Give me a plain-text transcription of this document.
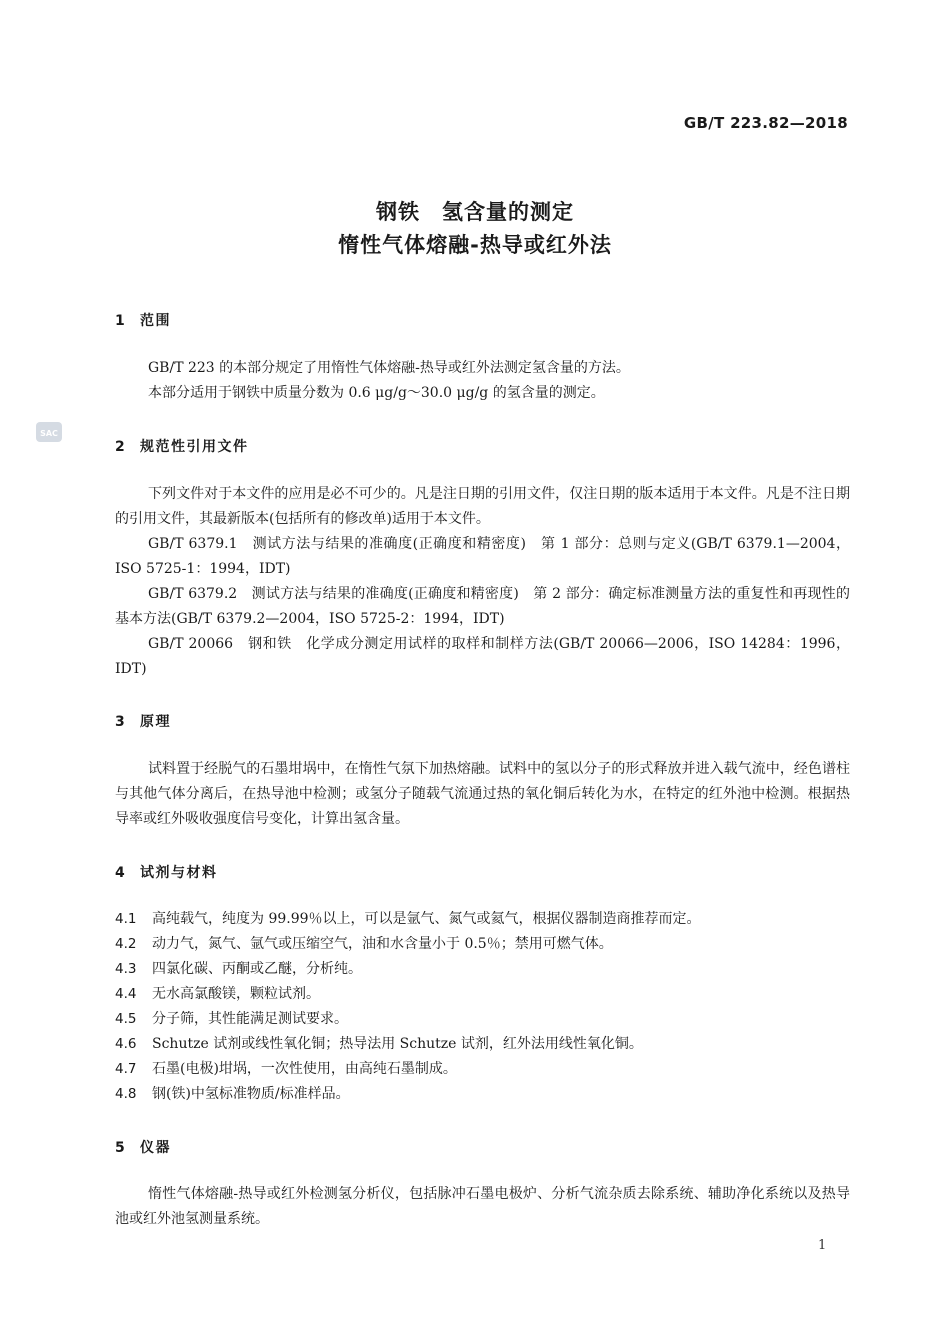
GB/T 223.82—2018
钢铁　氢含量的测定
惰性气体熔融-热导或红外法
1 范围
GB/T 223 的本部分规定了用惰性气体熔融-热导或红外法测定氢含量的方法。
本部分适用于钢铁中质量分数为 0.6 μg/g～30.0 μg/g 的氢含量的测定。
SAC
2 规范性引用文件
下列文件对于本文件的应用是必不可少的。凡是注日期的引用文件，仅注日期的版本适用于本文件。凡是不注日期的引用文件，其最新版本(包括所有的修改单)适用于本文件。
GB/T 6379.1　测试方法与结果的准确度(正确度和精密度)　第 1 部分：总则与定义(GB/T 6379.1—2004，ISO 5725-1：1994，IDT)
GB/T 6379.2　测试方法与结果的准确度(正确度和精密度)　第 2 部分：确定标准测量方法的重复性和再现性的基本方法(GB/T 6379.2—2004，ISO 5725-2：1994，IDT)
GB/T 20066　钢和铁　化学成分测定用试样的取样和制样方法(GB/T 20066—2006，ISO 14284：1996，IDT)
3 原理
试料置于经脱气的石墨坩埚中，在惰性气氛下加热熔融。试料中的氢以分子的形式释放并进入载气流中，经色谱柱与其他气体分离后，在热导池中检测；或氢分子随载气流通过热的氧化铜后转化为水，在特定的红外池中检测。根据热导率或红外吸收强度信号变化，计算出氢含量。
4 试剂与材料
4.1 高纯载气，纯度为 99.99％以上，可以是氩气、氮气或氦气，根据仪器制造商推荐而定。
4.2 动力气，氮气、氩气或压缩空气，油和水含量小于 0.5％；禁用可燃气体。
4.3 四氯化碳、丙酮或乙醚，分析纯。
4.4 无水高氯酸镁，颗粒试剂。
4.5 分子筛，其性能满足测试要求。
4.6 Schutze 试剂或线性氧化铜；热导法用 Schutze 试剂，红外法用线性氧化铜。
4.7 石墨(电极)坩埚，一次性使用，由高纯石墨制成。
4.8 钢(铁)中氢标准物质/标准样品。
5 仪器
惰性气体熔融-热导或红外检测氢分析仪，包括脉冲石墨电极炉、分析气流杂质去除系统、辅助净化系统以及热导池或红外池氢测量系统。
1
